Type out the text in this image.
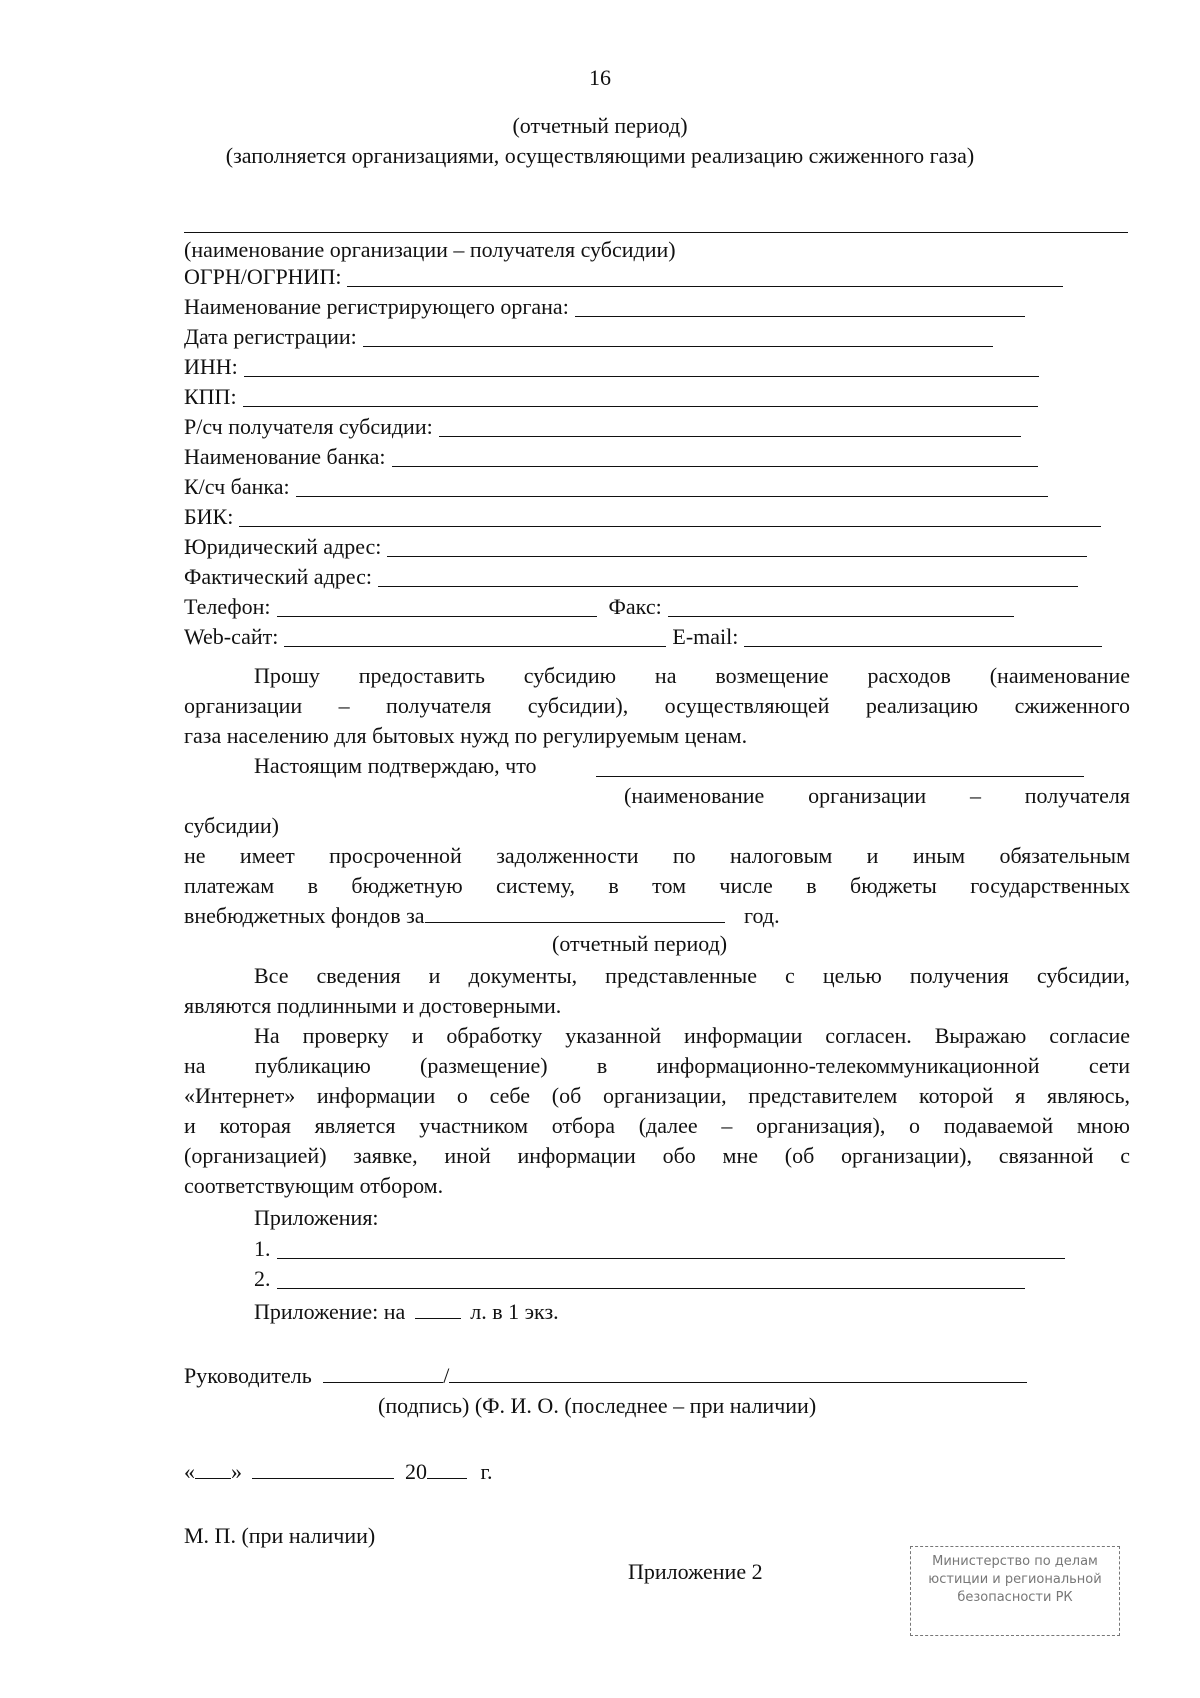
16
(отчетный период)
(заполняется организациями, осуществляющими реализацию сжиженного газа)
(наименование организации – получателя субсидии)
ОГРН/ОГРНИП:
Наименование регистрирующего органа:
Дата регистрации:
ИНН:
КПП:
Р/сч получателя субсидии:
Наименование банка:
К/сч банка:
БИК:
Юридический адрес:
Фактический адрес:
Телефон:	Факс:
Web-сайт:	E-mail:
Прошу предоставить субсидию на возмещение расходов (наименование
организации – получателя субсидии), осуществляющей реализацию сжиженного
газа населению для бытовых нужд по регулируемым ценам.
Настоящим подтверждаю, что
(наименование организации – получателя
субсидии)
не имеет просроченной задолженности по налоговым и иным обязательным
платежам в бюджетную систему, в том числе в бюджеты государственных
внебюджетных фондов за	год.
(отчетный период)
Все сведения и документы, представленные с целью получения субсидии,
являются подлинными и достоверными.
На проверку и обработку указанной информации согласен. Выражаю согласие
на публикацию (размещение) в информационно-телекоммуникационной сети
«Интернет» информации о себе (об организации, представителем которой я являюсь,
и которая является участником отбора (далее – организация), о подаваемой мною
(организацией) заявке, иной информации обо мне (об организации), связанной с
соответствующим отбором.
Приложения:
1.
2.
Приложение: на	л. в 1 экз.
Руководитель	/
(подпись) (Ф. И. О. (последнее – при наличии)
« »	20 г.
М. П. (при наличии)
Приложение 2	Министерство по делам
юстиции и региональной
безопасности РК
